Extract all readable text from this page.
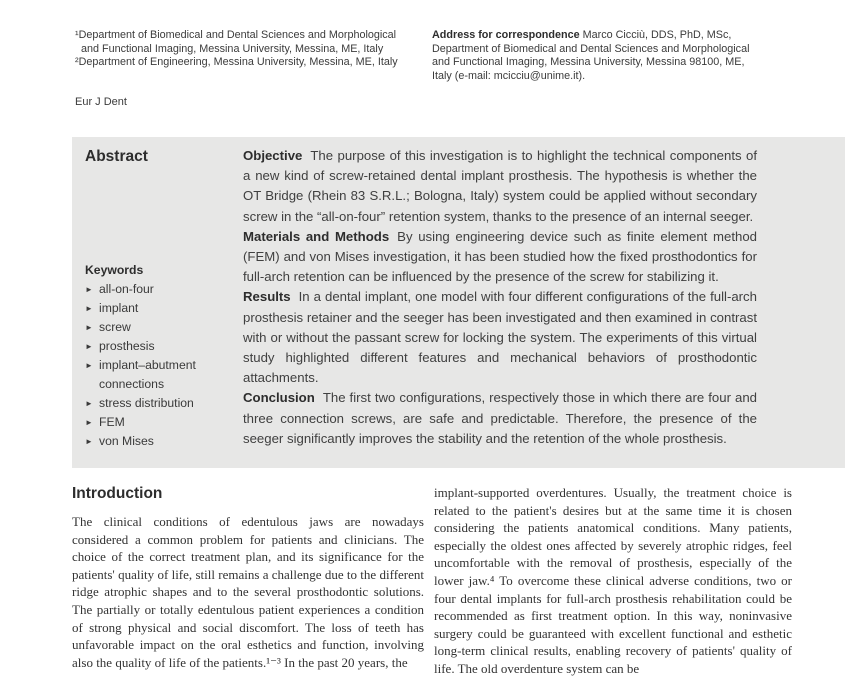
¹Department of Biomedical and Dental Sciences and Morphological and Functional Imaging, Messina University, Messina, ME, Italy
²Department of Engineering, Messina University, Messina, ME, Italy
Address for correspondence Marco Cicciù, DDS, PhD, MSc, Department of Biomedical and Dental Sciences and Morphological and Functional Imaging, Messina University, Messina 98100, ME, Italy (e-mail: mcicciu@unime.it).
Eur J Dent
Abstract
Keywords
► all-on-four
► implant
► screw
► prosthesis
► implant–abutment connections
► stress distribution
► FEM
► von Mises

Objective The purpose of this investigation is to highlight the technical components of a new kind of screw-retained dental implant prosthesis. The hypothesis is whether the OT Bridge (Rhein 83 S.R.L.; Bologna, Italy) system could be applied without secondary screw in the “all-on-four” retention system, thanks to the presence of an internal seeger.

Materials and Methods By using engineering device such as finite element method (FEM) and von Mises investigation, it has been studied how the fixed prosthodontics for full-arch retention can be influenced by the presence of the screw for stabilizing it.

Results In a dental implant, one model with four different configurations of the full-arch prosthesis retainer and the seeger has been investigated and then examined in contrast with or without the passant screw for locking the system. The experiments of this virtual study highlighted different features and mechanical behaviors of prosthodontic attachments.

Conclusion The first two configurations, respectively those in which there are four and three connection screws, are safe and predictable. Therefore, the presence of the seeger significantly improves the stability and the retention of the whole prosthesis.

Introduction
The clinical conditions of edentulous jaws are nowadays considered a common problem for patients and clinicians. The choice of the correct treatment plan, and its significance for the patients' quality of life, still remains a challenge due to the different ridge atrophic shapes and to the several prosthodontic solutions. The partially or totally edentulous patient experiences a condition of strong physical and social discomfort. The loss of teeth has unfavorable impact on the oral esthetics and function, involving also the quality of life of the patients.¹⁻³ In the past 20 years, the
implant-supported overdentures. Usually, the treatment choice is related to the patient's desires but at the same time it is chosen considering the patients anatomical conditions. Many patients, especially the oldest ones affected by severely atrophic ridges, feel uncomfortable with the removal of prosthesis, especially of the lower jaw.⁴ To overcome these clinical adverse conditions, two or four dental implants for full-arch prosthesis rehabilitation could be recommended as first treatment option. In this way, noninvasive surgery could be guaranteed with excellent functional and esthetic long-term clinical results, enabling recovery of patients' quality of life. The old overdenture system can be
